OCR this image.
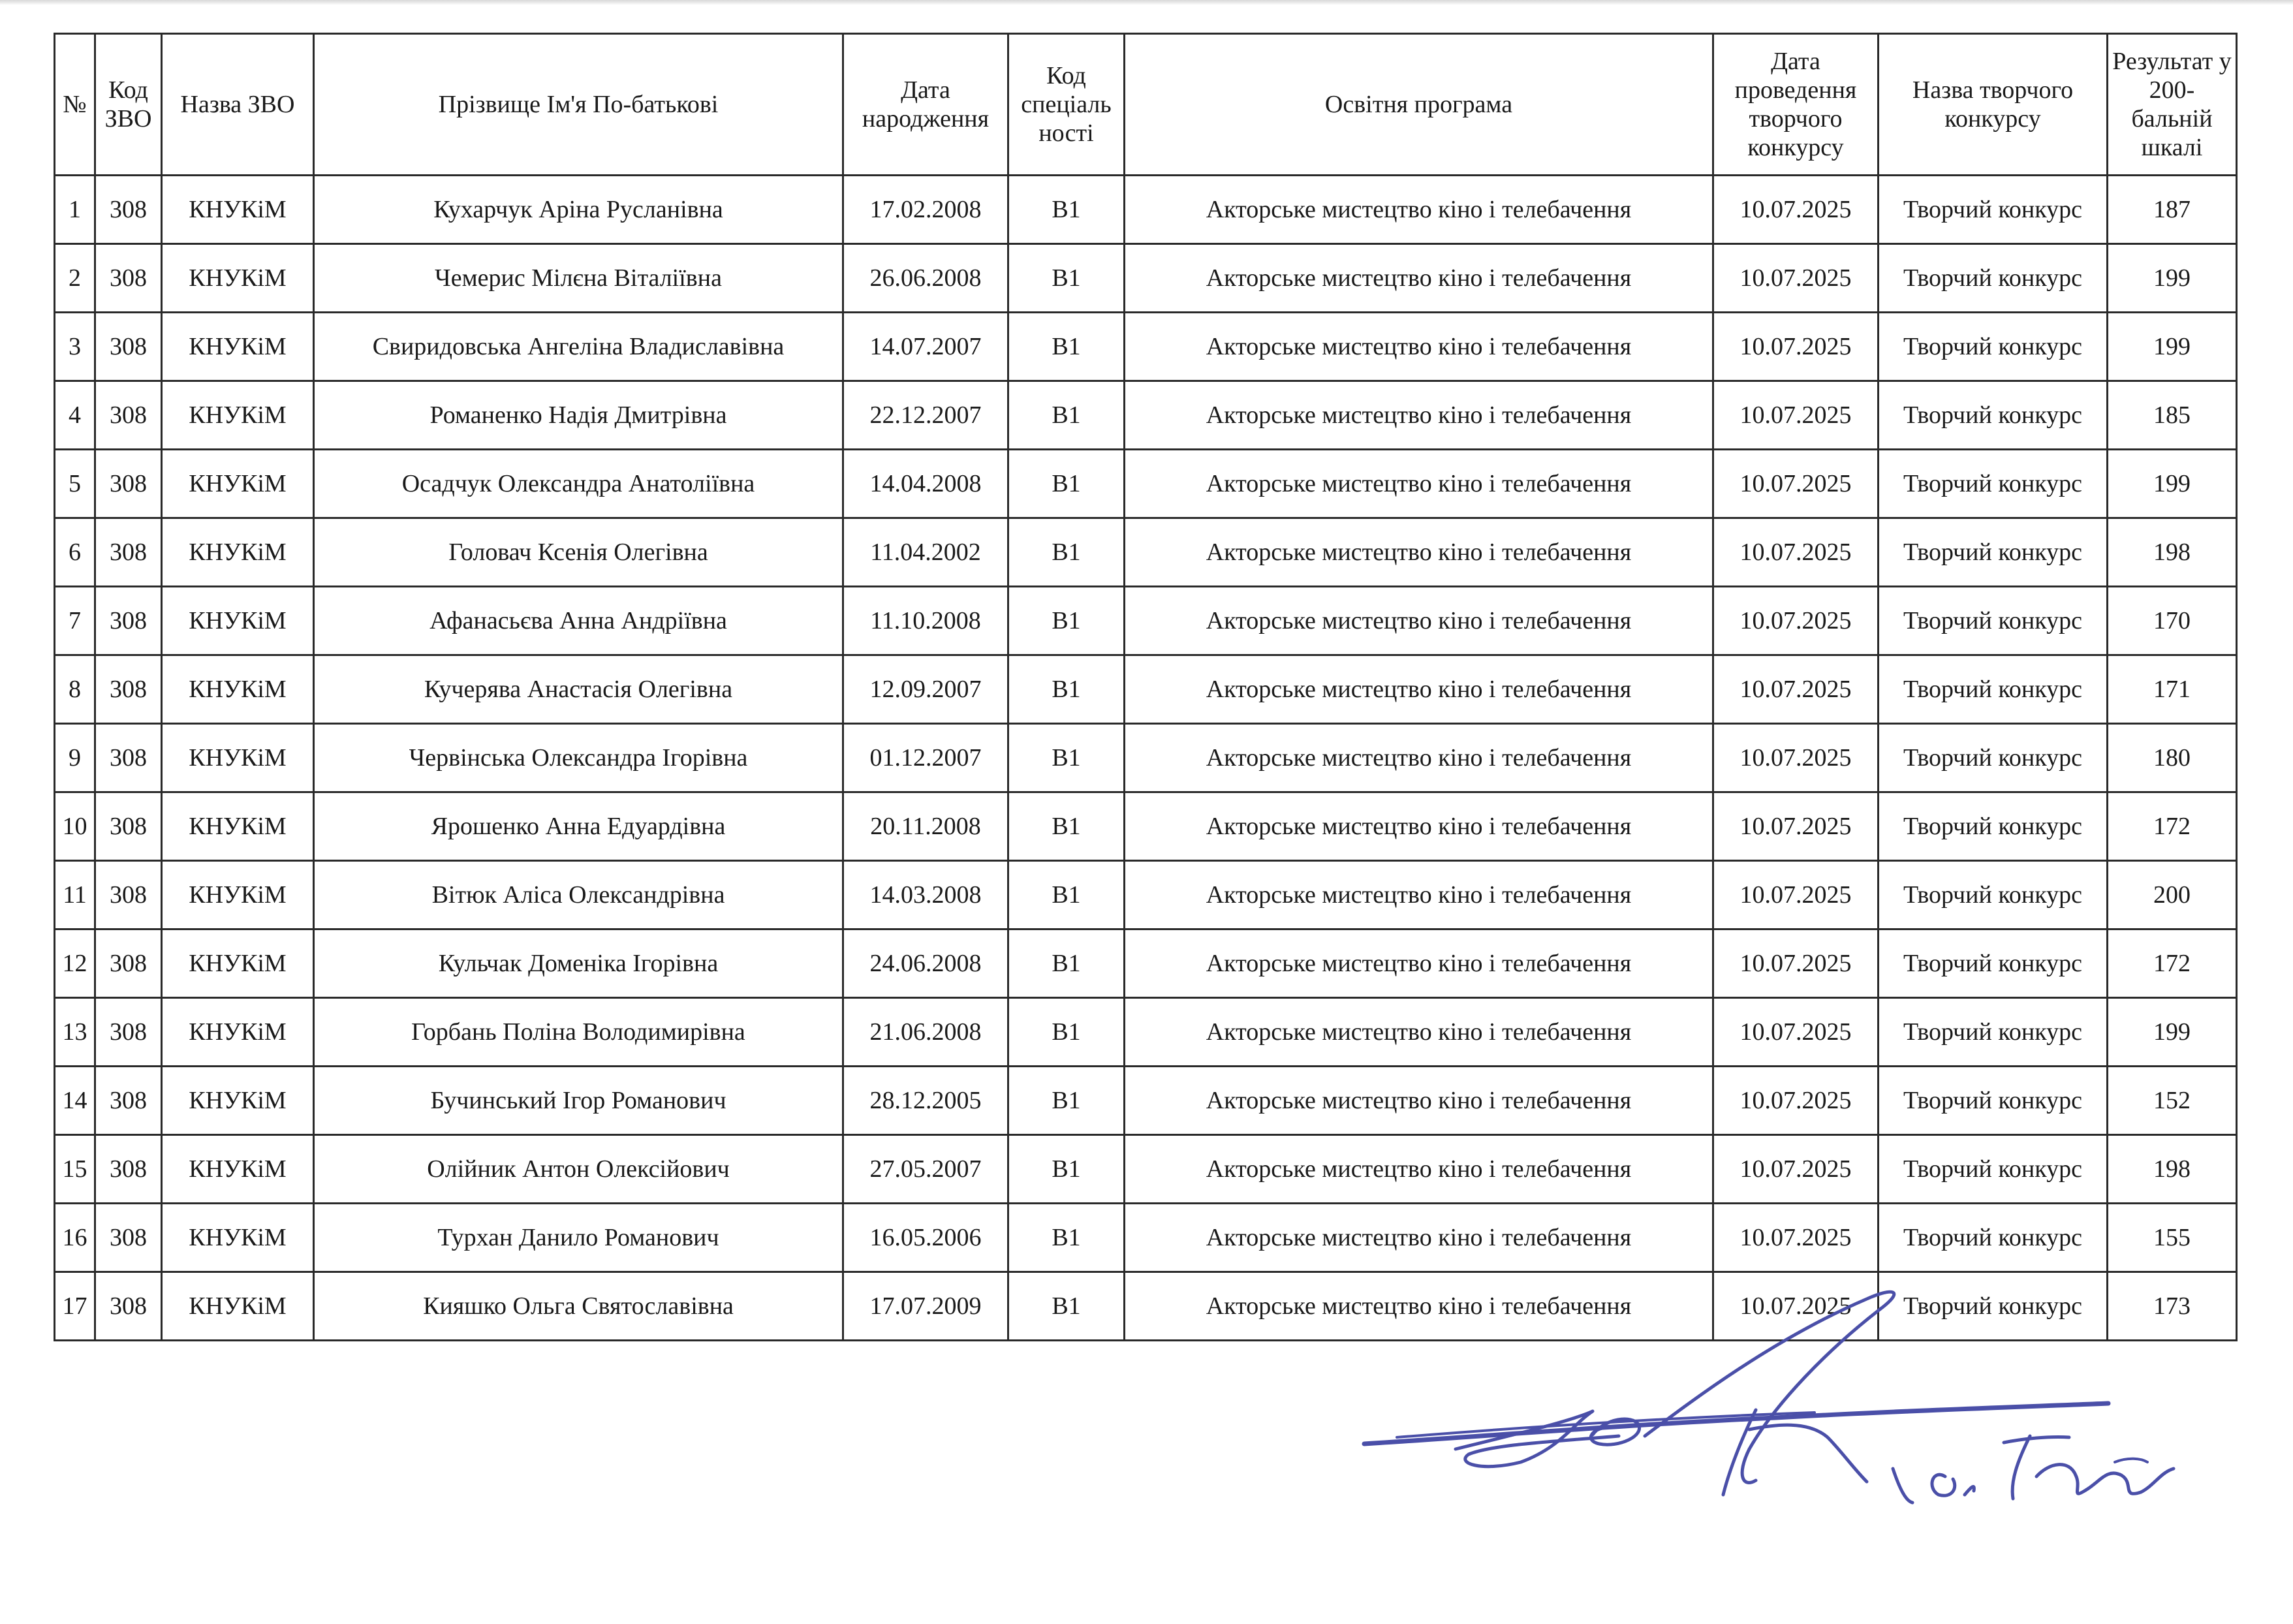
№	Код ЗВО	Назва ЗВО	Прізвище Ім'я По-батькові	Дата народження	Код спеціаль ності	Освітня програма	Дата проведення творчого конкурсу	Назва творчого конкурсу	Результат у 200-бальній шкалі
1	308	КНУКіМ	Кухарчук Аріна Русланівна	17.02.2008	В1	Акторське мистецтво кіно і телебачення	10.07.2025	Творчий конкурс	187
2	308	КНУКіМ	Чемерис Мілєна Віталіївна	26.06.2008	В1	Акторське мистецтво кіно і телебачення	10.07.2025	Творчий конкурс	199
3	308	КНУКіМ	Свиридовська Ангеліна Владиславівна	14.07.2007	В1	Акторське мистецтво кіно і телебачення	10.07.2025	Творчий конкурс	199
4	308	КНУКіМ	Романенко Надія Дмитрівна	22.12.2007	В1	Акторське мистецтво кіно і телебачення	10.07.2025	Творчий конкурс	185
5	308	КНУКіМ	Осадчук Олександра Анатоліївна	14.04.2008	В1	Акторське мистецтво кіно і телебачення	10.07.2025	Творчий конкурс	199
6	308	КНУКіМ	Головач Ксенія Олегівна	11.04.2002	В1	Акторське мистецтво кіно і телебачення	10.07.2025	Творчий конкурс	198
7	308	КНУКіМ	Афанасьєва Анна Андріївна	11.10.2008	В1	Акторське мистецтво кіно і телебачення	10.07.2025	Творчий конкурс	170
8	308	КНУКіМ	Кучерява Анастасія Олегівна	12.09.2007	В1	Акторське мистецтво кіно і телебачення	10.07.2025	Творчий конкурс	171
9	308	КНУКіМ	Червінська Олександра Ігорівна	01.12.2007	В1	Акторське мистецтво кіно і телебачення	10.07.2025	Творчий конкурс	180
10	308	КНУКіМ	Ярошенко Анна Едуардівна	20.11.2008	В1	Акторське мистецтво кіно і телебачення	10.07.2025	Творчий конкурс	172
11	308	КНУКіМ	Вітюк Аліса Олександрівна	14.03.2008	В1	Акторське мистецтво кіно і телебачення	10.07.2025	Творчий конкурс	200
12	308	КНУКіМ	Кульчак Доменіка Ігорівна	24.06.2008	В1	Акторське мистецтво кіно і телебачення	10.07.2025	Творчий конкурс	172
13	308	КНУКіМ	Горбань Поліна Володимирівна	21.06.2008	В1	Акторське мистецтво кіно і телебачення	10.07.2025	Творчий конкурс	199
14	308	КНУКіМ	Бучинський Ігор Романович	28.12.2005	В1	Акторське мистецтво кіно і телебачення	10.07.2025	Творчий конкурс	152
15	308	КНУКіМ	Олійник Антон Олексійович	27.05.2007	В1	Акторське мистецтво кіно і телебачення	10.07.2025	Творчий конкурс	198
16	308	КНУКіМ	Турхан Данило Романович	16.05.2006	В1	Акторське мистецтво кіно і телебачення	10.07.2025	Творчий конкурс	155
17	308	КНУКіМ	Кияшко Ольга Святославівна	17.07.2009	В1	Акторське мистецтво кіно і телебачення	10.07.2025	Творчий конкурс	173
